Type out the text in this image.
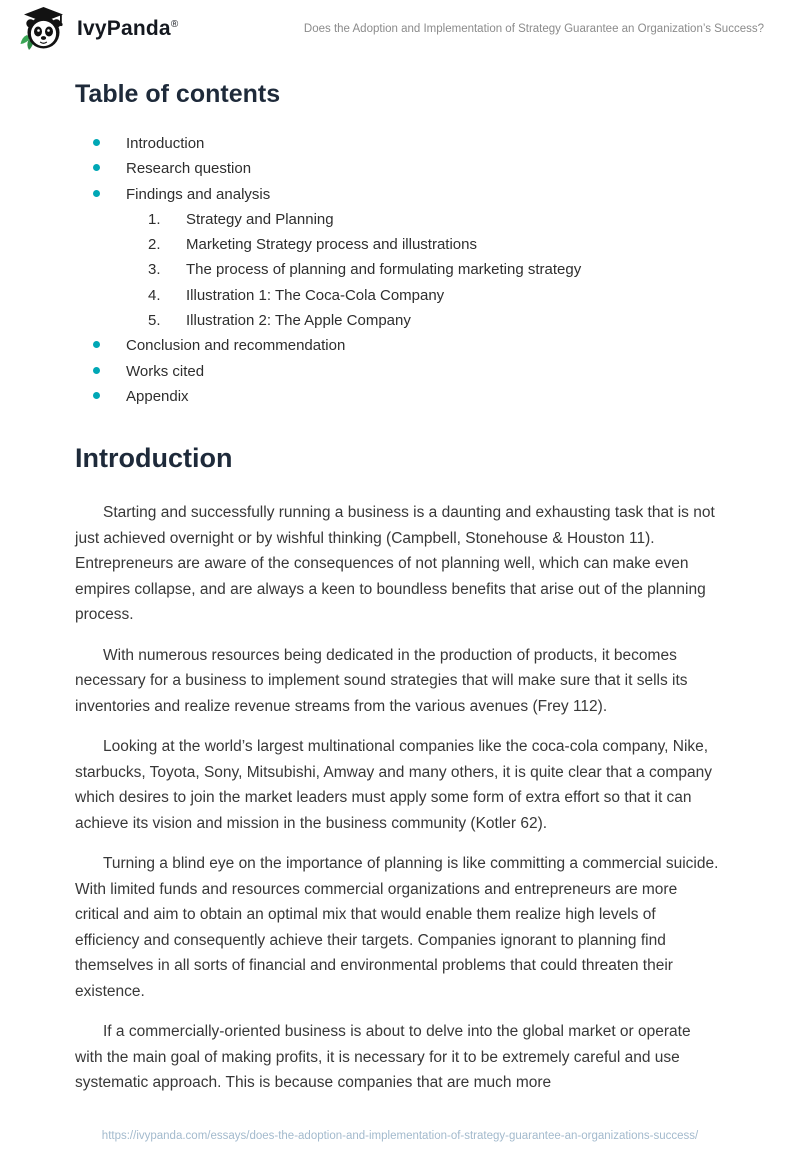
IvyPanda®	Does the Adoption and Implementation of Strategy Guarantee an Organization’s Success?
Table of contents
Introduction
Research question
Findings and analysis
1.	Strategy and Planning
2.	Marketing Strategy process and illustrations
3.	The process of planning and formulating marketing strategy
4.	Illustration 1: The Coca-Cola Company
5.	Illustration 2: The Apple Company
Conclusion and recommendation
Works cited
Appendix
Introduction

Starting and successfully running a business is a daunting and exhausting task that is not just achieved overnight or by wishful thinking (Campbell, Stonehouse & Houston 11). Entrepreneurs are aware of the consequences of not planning well, which can make even empires collapse, and are always a keen to boundless benefits that arise out of the planning process.

With numerous resources being dedicated in the production of products, it becomes necessary for a business to implement sound strategies that will make sure that it sells its inventories and realize revenue streams from the various avenues (Frey 112).

Looking at the world’s largest multinational companies like the coca-cola company, Nike, starbucks, Toyota, Sony, Mitsubishi, Amway and many others, it is quite clear that a company which desires to join the market leaders must apply some form of extra effort so that it can achieve its vision and mission in the business community (Kotler 62).

Turning a blind eye on the importance of planning is like committing a commercial suicide. With limited funds and resources commercial organizations and entrepreneurs are more critical and aim to obtain an optimal mix that would enable them realize high levels of efficiency and consequently achieve their targets. Companies ignorant to planning find themselves in all sorts of financial and environmental problems that could threaten their existence.

If a commercially-oriented business is about to delve into the global market or operate with the main goal of making profits, it is necessary for it to be extremely careful and use systematic approach. This is because companies that are much more

https://ivypanda.com/essays/does-the-adoption-and-implementation-of-strategy-guarantee-an-organizations-success/
